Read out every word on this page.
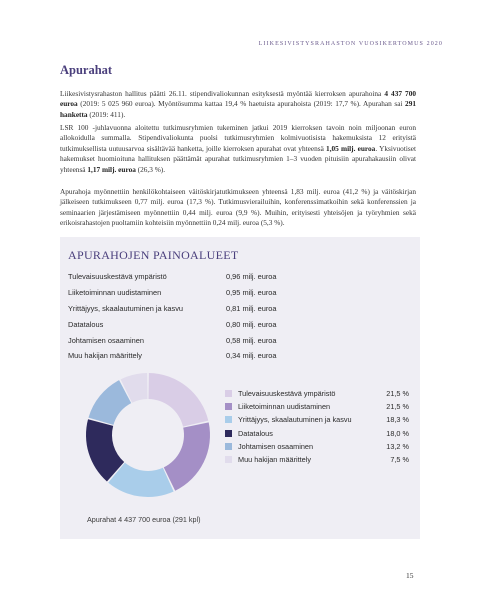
LIIKESIVISTYSRAHASTON VUOSIKERTOMUS 2020
Apurahat

Liikesivistysrahaston hallitus päätti 26.11. stipendivaliokunnan esityksestä myöntää kierroksen apurahoina 4 437 700 euroa (2019: 5 025 960 euroa). Myöntösumma kattaa 19,4 % haetuista apurahoista (2019: 17,7 %). Apurahan sai 291 hanketta (2019: 411).

LSR 100 -juhlavuonna aloitettu tutkimusryhmien tukeminen jatkui 2019 kierroksen tavoin noin miljoonan euron allokoidulla summalla. Stipendivaliokunta puolsi tutkimusryhmien kolmivuotisista hakemuksista 12 erityistä tutkimuksellista uutuusarvoa sisältävää hanketta, joille kierroksen apurahat ovat yhteensä 1,05 milj. euroa. Yksivuotiset hakemukset huomioituna hallituksen päättämät apurahat tutkimusryhmien 1–3 vuoden pituisiin apurahakausiin olivat yhteensä 1,17 milj. euroa (26,3 %).

Apurahoja myönnettiin henkilökohtaiseen väitöskirjatutkimukseen yhteensä 1,83 milj. euroa (41,2 %) ja väitöskirjan jälkeiseen tutkimukseen 0,77 milj. euroa (17,3 %). Tutkimusvierailuihin, konferenssimatkoihin sekä konferenssien ja seminaarien järjestämiseen myönnettiin 0,44 milj. euroa (9,9 %). Muihin, erityisesti yhteisöjen ja työryhmien sekä erikoisrahastojen puoltamiin kohteisiin myönnettiin 0,24 milj. euroa (5,3 %).

APURAHOJEN PAINOALUEET
Tulevaisuuskestävä ympäristö	0,96 milj. euroa
Liiketoiminnan uudistaminen	0,95 milj. euroa
Yrittäjyys, skaalautuminen ja kasvu	0,81 milj. euroa
Datatalous	0,80 milj. euroa
Johtamisen osaaminen	0,58 milj. euroa
Muu hakijan määrittely	0,34 milj. euroa
Tulevaisuuskestävä ympäristö	21,5 %
Liiketoiminnan uudistaminen	21,5 %
Yrittäjyys, skaalautuminen ja kasvu	18,3 %
Datatalous	18,0 %
Johtamisen osaaminen	13,2 %
Muu hakijan määrittely	7,5 %
Apurahat 4 437 700 euroa (291 kpl)
15
